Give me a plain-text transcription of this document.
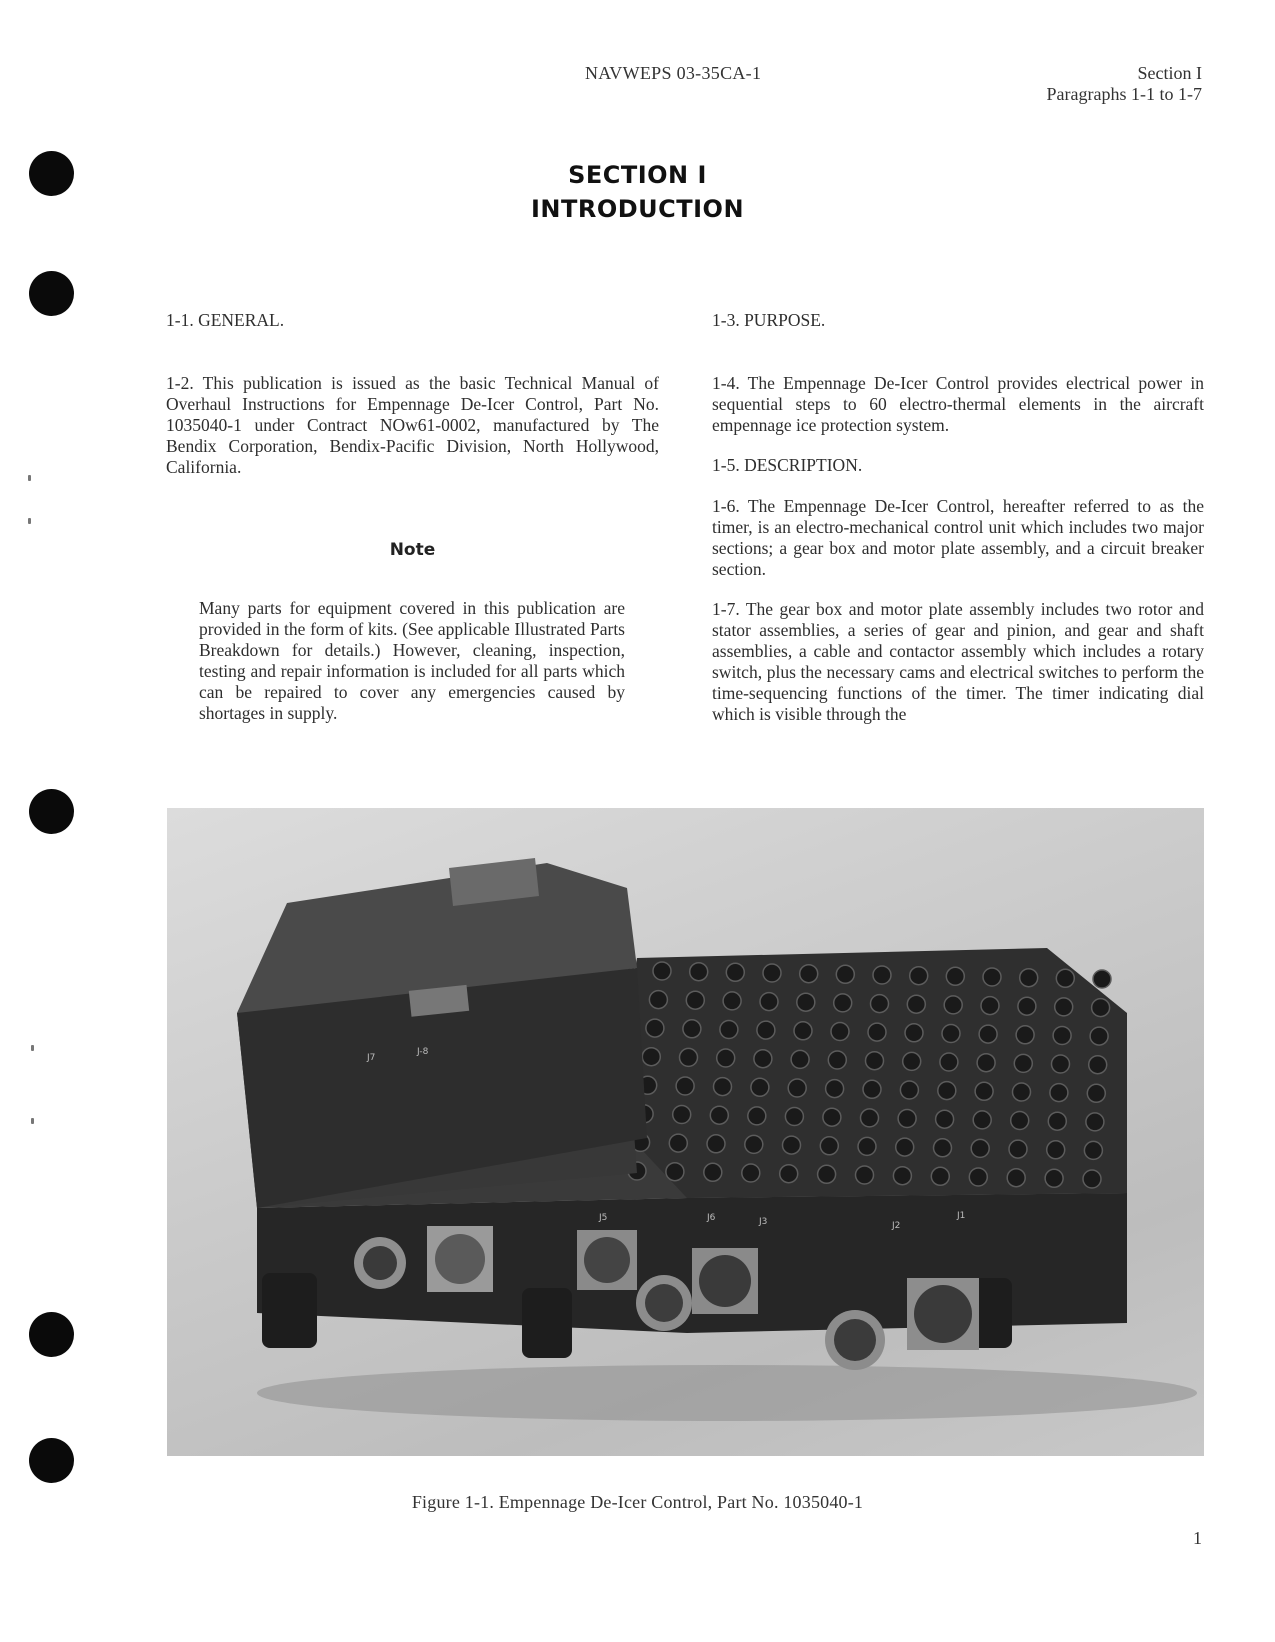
NAVWEPS 03-35CA-1	Section I
Paragraphs 1-1 to 1-7
SECTION I
INTRODUCTION
1-1. GENERAL.

1-2. This publication is issued as the basic Technical Manual of Overhaul Instructions for Empennage De-Icer Control, Part No. 1035040-1 under Contract NOw61-0002, manufactured by The Bendix Corporation, Bendix-Pacific Division, North Hollywood, California.

Note

Many parts for equipment covered in this publication are provided in the form of kits. (See applicable Illustrated Parts Breakdown for details.) However, cleaning, inspection, testing and repair information is included for all parts which can be repaired to cover any emergencies caused by shortages in supply.

1-3. PURPOSE.

1-4. The Empennage De-Icer Control provides electrical power in sequential steps to 60 electro-thermal elements in the aircraft empennage ice protection system.

1-5. DESCRIPTION.

1-6. The Empennage De-Icer Control, hereafter referred to as the timer, is an electro-mechanical control unit which includes two major sections; a gear box and motor plate assembly, and a circuit breaker section.

1-7. The gear box and motor plate assembly includes two rotor and stator assemblies, a series of gear and pinion, and gear and shaft assemblies, a cable and contactor assembly which includes a rotary switch, plus the necessary cams and electrical switches to perform the time-sequencing functions of the timer. The timer indicating dial which is visible through the

J5	J6	J3	J2
J1
J7
J-8
Figure 1-1. Empennage De-Icer Control, Part No. 1035040-1
1
